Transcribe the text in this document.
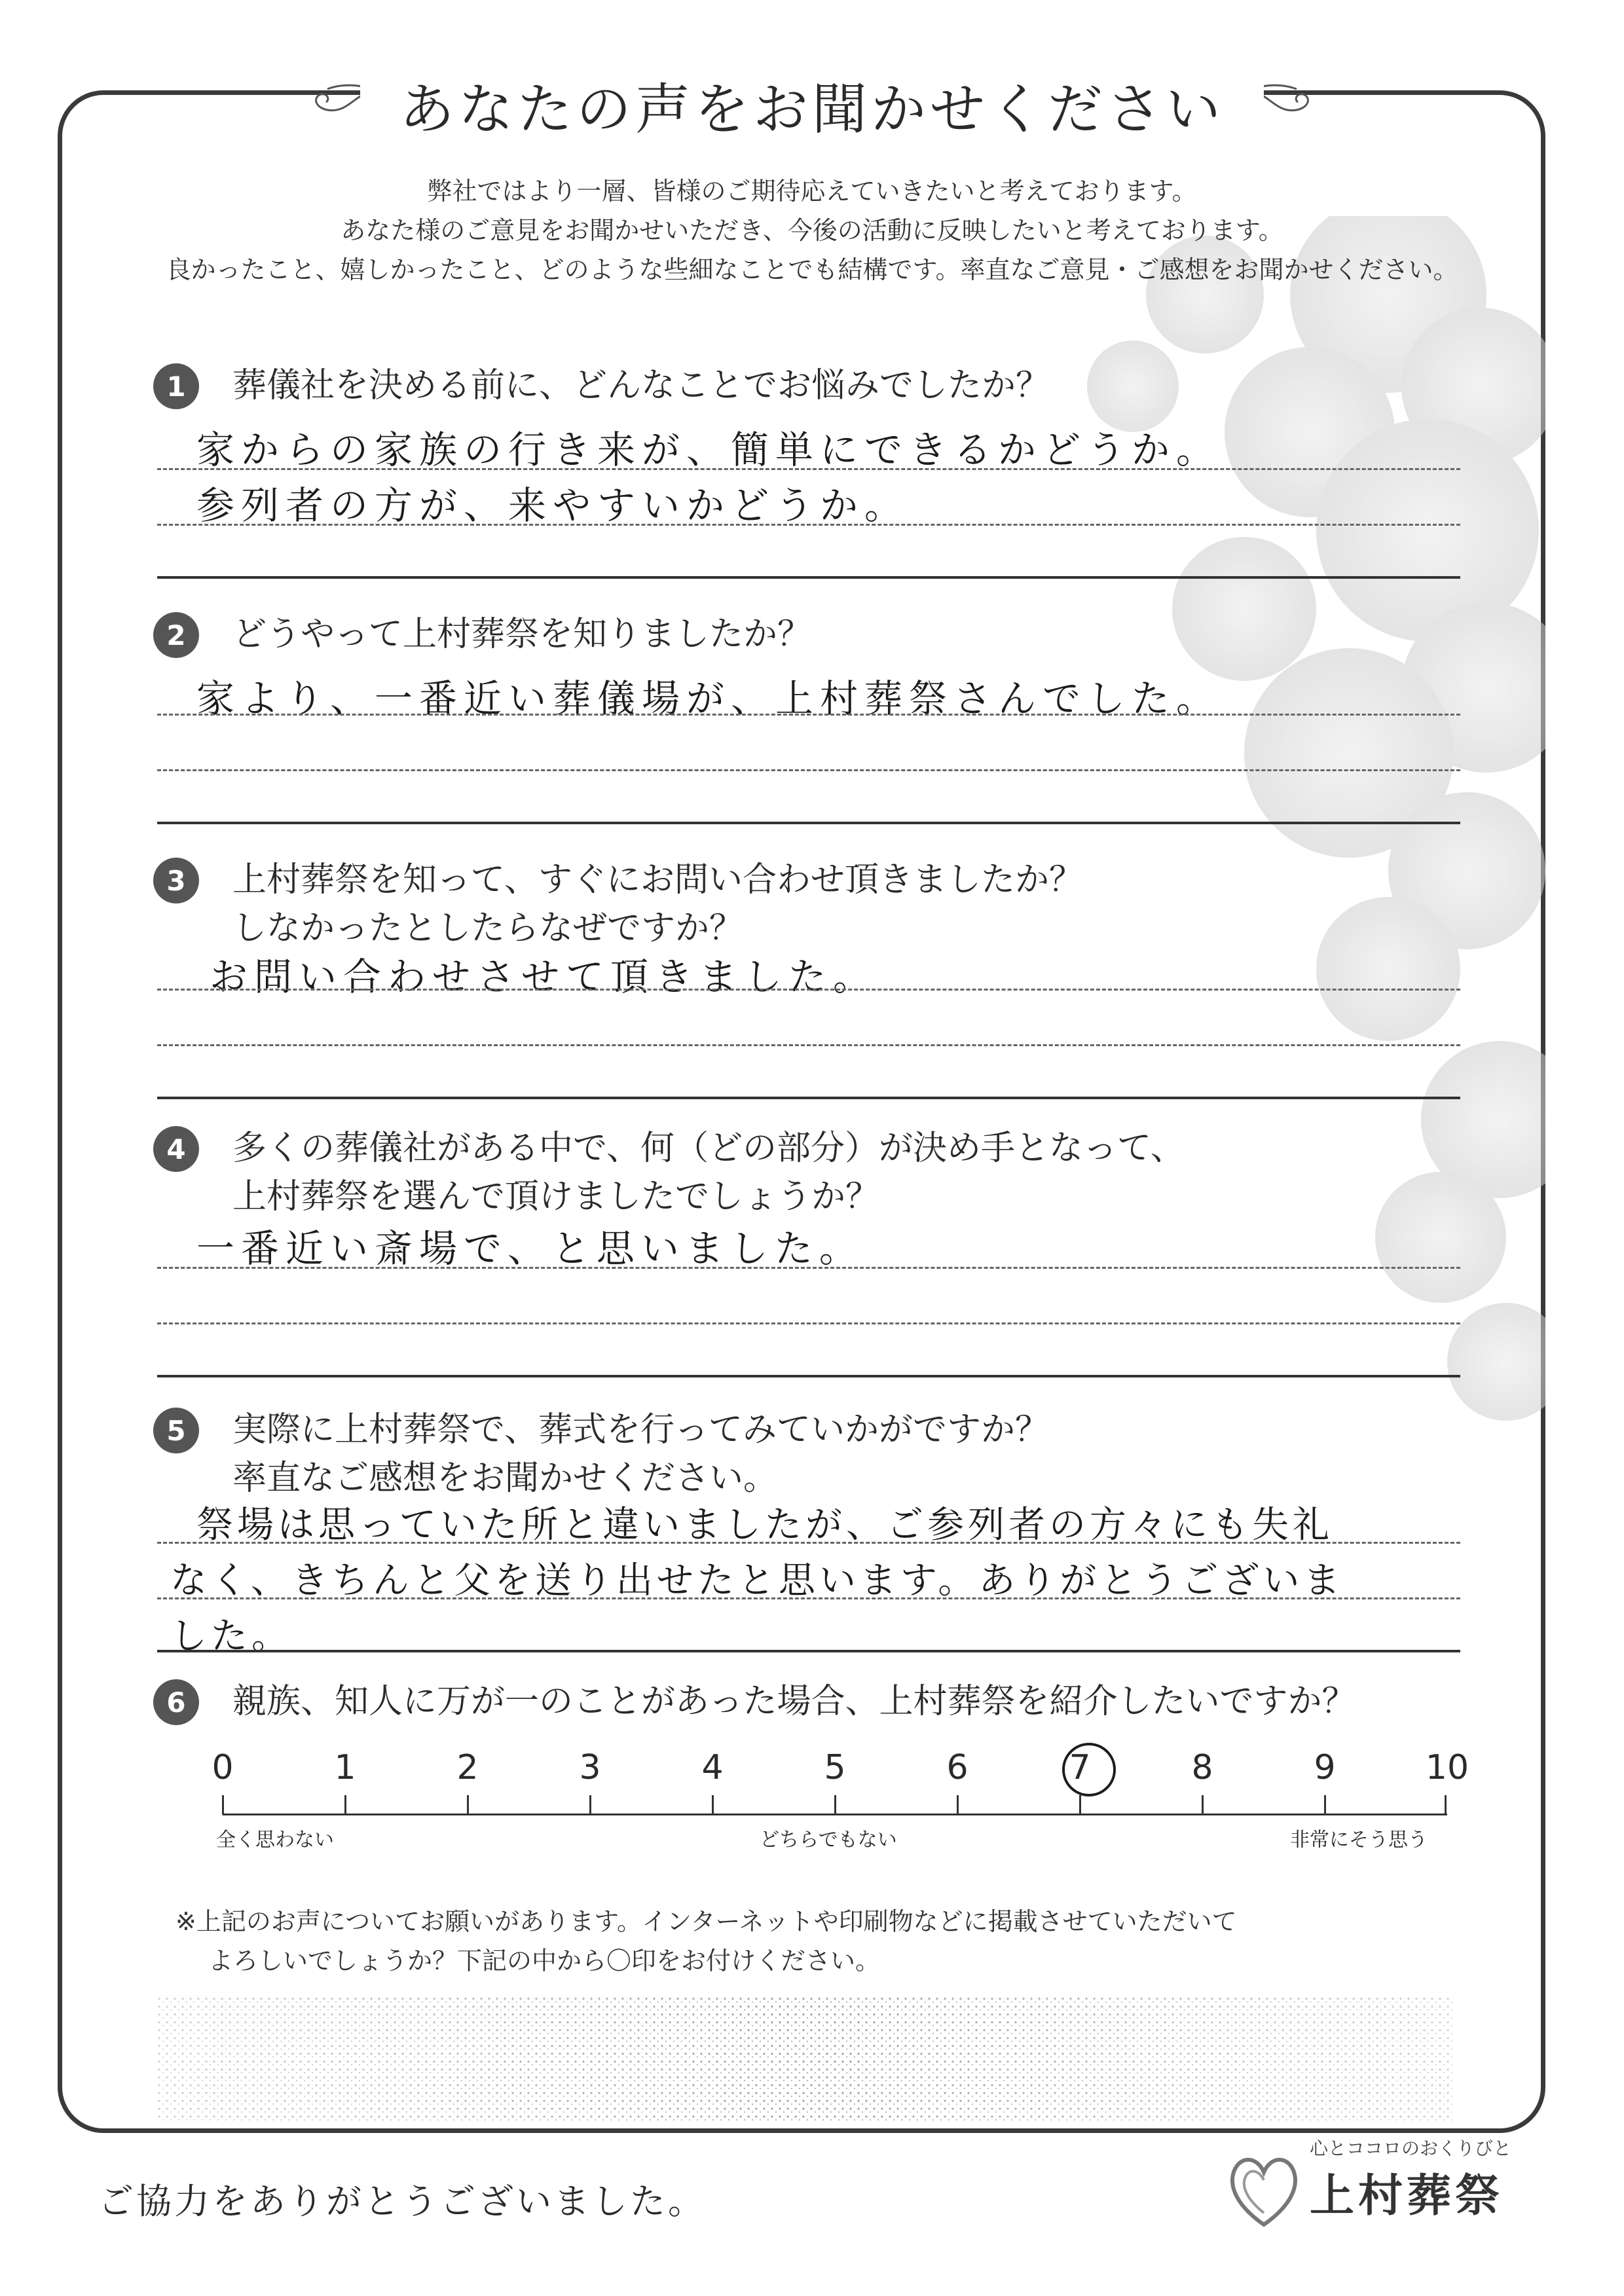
あなたの声をお聞かせください
弊社ではより一層、皆様のご期待応えていきたいと考えております。
あなた様のご意見をお聞かせいただき、今後の活動に反映したいと考えております。
良かったこと、嬉しかったこと、どのような些細なことでも結構です。率直なご意見・ご感想をお聞かせください。
1	葬儀社を決める前に、どんなことでお悩みでしたか？
家からの家族の行き来が、簡単にできるかどうか。
参列者の方が、来やすいかどうか。
2	どうやって上村葬祭を知りましたか？
家より、一番近い葬儀場が、上村葬祭さんでした。
3	上村葬祭を知って、すぐにお問い合わせ頂きましたか？
しなかったとしたらなぜですか？
お問い合わせさせて頂きました。
4	多くの葬儀社がある中で、何（どの部分）が決め手となって、
上村葬祭を選んで頂けましたでしょうか？
一番近い斎場で、と思いました。
5	実際に上村葬祭で、葬式を行ってみていかがですか？
率直なご感想をお聞かせください。
祭場は思っていた所と違いましたが、ご参列者の方々にも失礼
なく、きちんと父を送り出せたと思います。ありがとうございま
した。
6	親族、知人に万が一のことがあった場合、上村葬祭を紹介したいですか？
0	1	2	3	4	5	6	7	8	9	10
全く思わない	どちらでもない	非常にそう思う
※上記のお声についてお願いがあります。インターネットや印刷物などに掲載させていただいて
よろしいでしょうか？下記の中から〇印をお付けください。
ご協力をありがとうございました。
心とココロのおくりびと
上村葬祭
